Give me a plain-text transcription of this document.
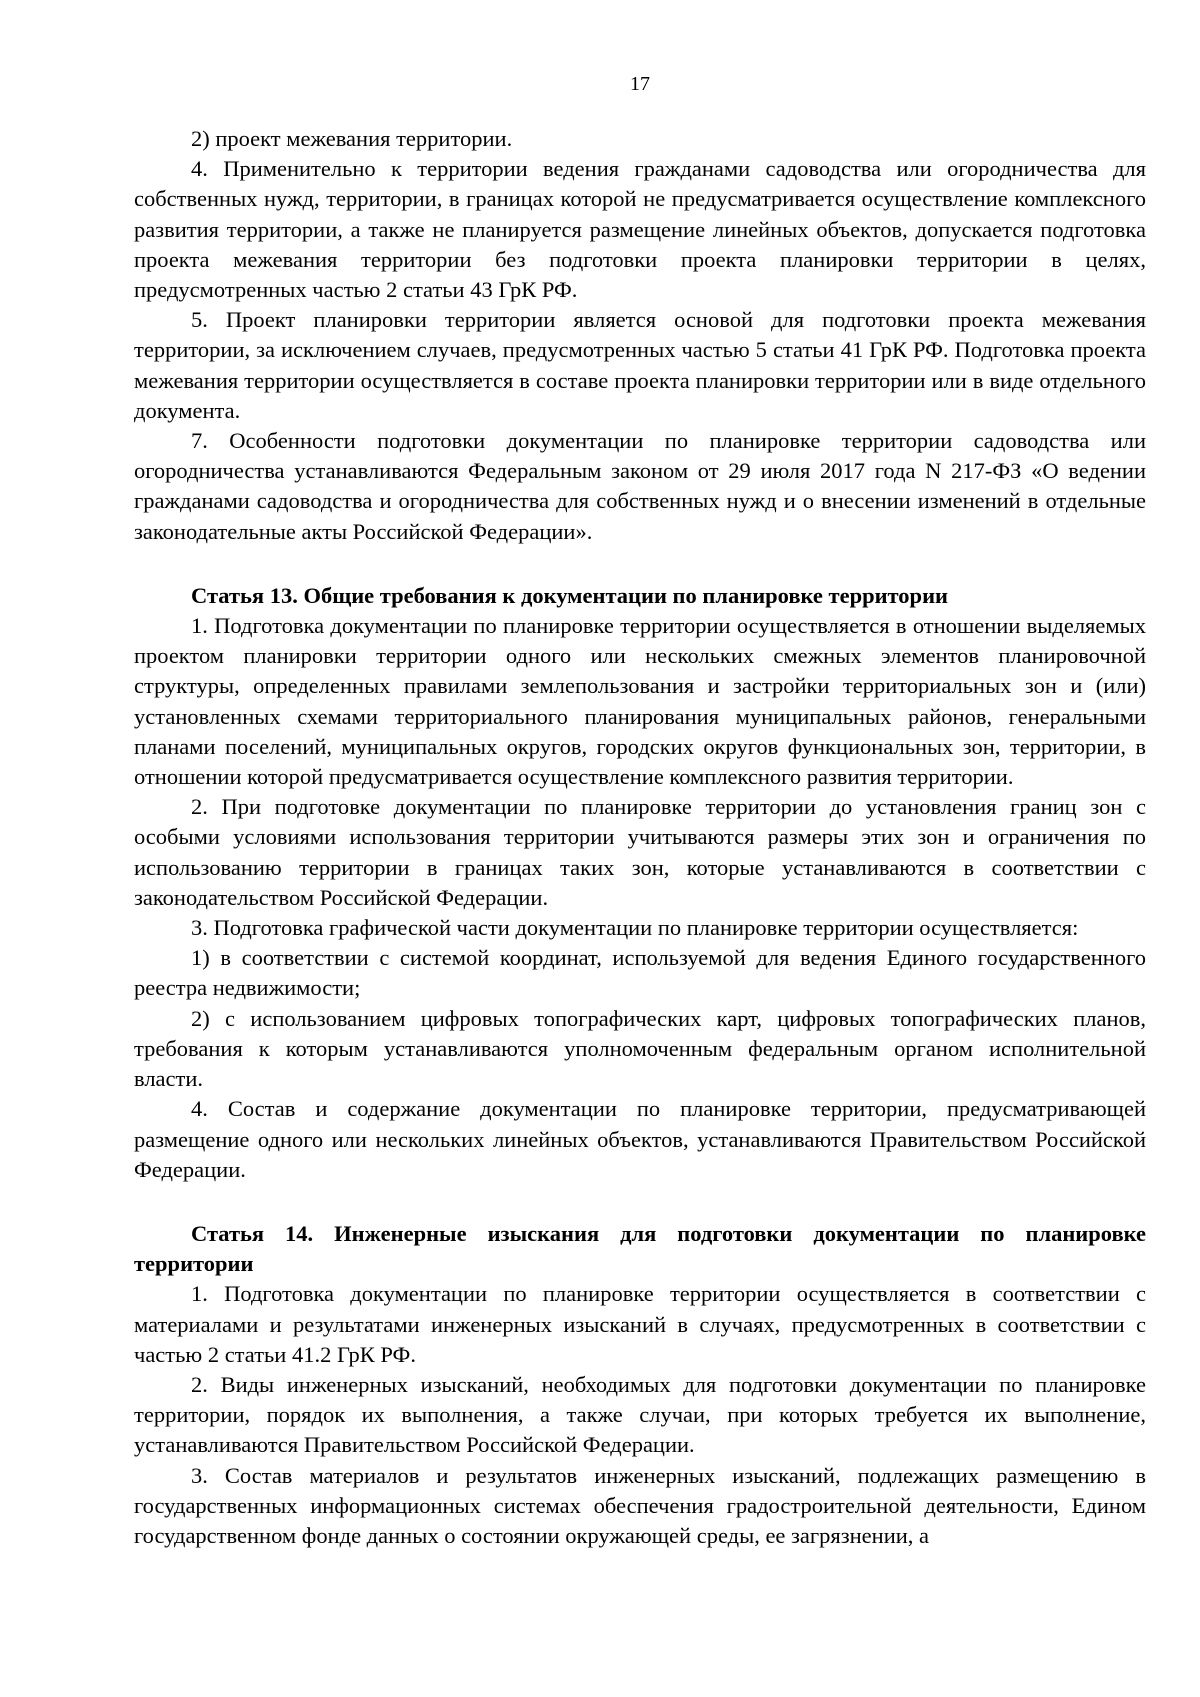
17

2) проект межевания территории.

4. Применительно к территории ведения гражданами садоводства или огородничества для собственных нужд, территории, в границах которой не предусматривается осуществление комплексного развития территории, а также не планируется размещение линейных объектов, допускается подготовка проекта межевания территории без подготовки проекта планировки территории в целях, предусмотренных частью 2 статьи 43 ГрК РФ.

5. Проект планировки территории является основой для подготовки проекта межевания территории, за исключением случаев, предусмотренных частью 5 статьи 41 ГрК РФ. Подготовка проекта межевания территории осуществляется в составе проекта планировки территории или в виде отдельного документа.

7. Особенности подготовки документации по планировке территории садоводства или огородничества устанавливаются Федеральным законом от 29 июля 2017 года N 217-ФЗ «О ведении гражданами садоводства и огородничества для собственных нужд и о внесении изменений в отдельные законодательные акты Российской Федерации».

Статья 13. Общие требования к документации по планировке территории

1. Подготовка документации по планировке территории осуществляется в отношении выделяемых проектом планировки территории одного или нескольких смежных элементов планировочной структуры, определенных правилами землепользования и застройки территориальных зон и (или) установленных схемами территориального планирования муниципальных районов, генеральными планами поселений, муниципальных округов, городских округов функциональных зон, территории, в отношении которой предусматривается осуществление комплексного развития территории.

2. При подготовке документации по планировке территории до установления границ зон с особыми условиями использования территории учитываются размеры этих зон и ограничения по использованию территории в границах таких зон, которые устанавливаются в соответствии с законодательством Российской Федерации.

3. Подготовка графической части документации по планировке территории осуществляется:

1) в соответствии с системой координат, используемой для ведения Единого государственного реестра недвижимости;

2) с использованием цифровых топографических карт, цифровых топографических планов, требования к которым устанавливаются уполномоченным федеральным органом исполнительной власти.

4. Состав и содержание документации по планировке территории, предусматривающей размещение одного или нескольких линейных объектов, устанавливаются Правительством Российской Федерации.

Статья 14. Инженерные изыскания для подготовки документации по планировке территории

1. Подготовка документации по планировке территории осуществляется в соответствии с материалами и результатами инженерных изысканий в случаях, предусмотренных в соответствии с частью 2 статьи 41.2 ГрК РФ.

2. Виды инженерных изысканий, необходимых для подготовки документации по планировке территории, порядок их выполнения, а также случаи, при которых требуется их выполнение, устанавливаются Правительством Российской Федерации.

3. Состав материалов и результатов инженерных изысканий, подлежащих размещению в государственных информационных системах обеспечения градостроительной деятельности, Едином государственном фонде данных о состоянии окружающей среды, ее загрязнении, а
